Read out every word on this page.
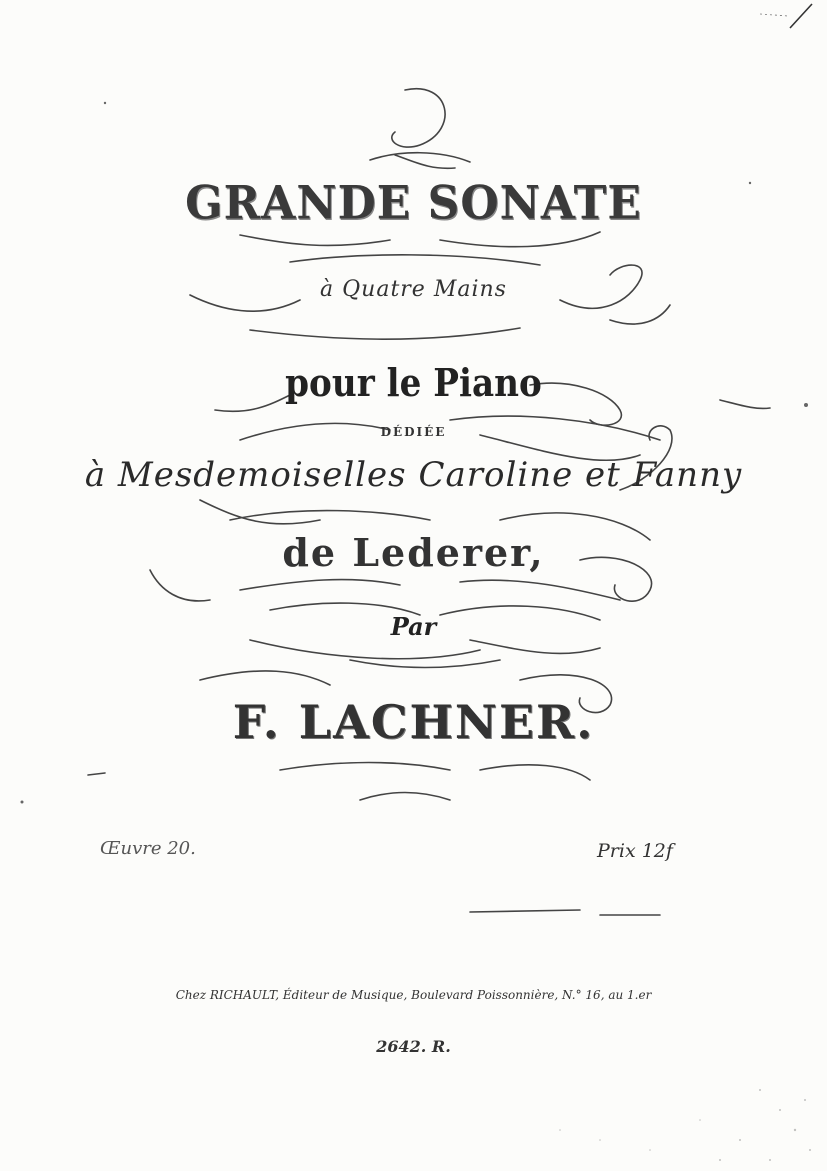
GRANDE SONATE
à Quatre Mains
pour le Piano
DÉDIÉE
à Mesdemoiselles Caroline et Fanny
de Lederer,
Par
F. LACHNER.
Œuvre 20.	Prix 12f
Chez RICHAULT, Éditeur de Musique, Boulevard Poissonnière, N.° 16, au 1.er
2642. R.
